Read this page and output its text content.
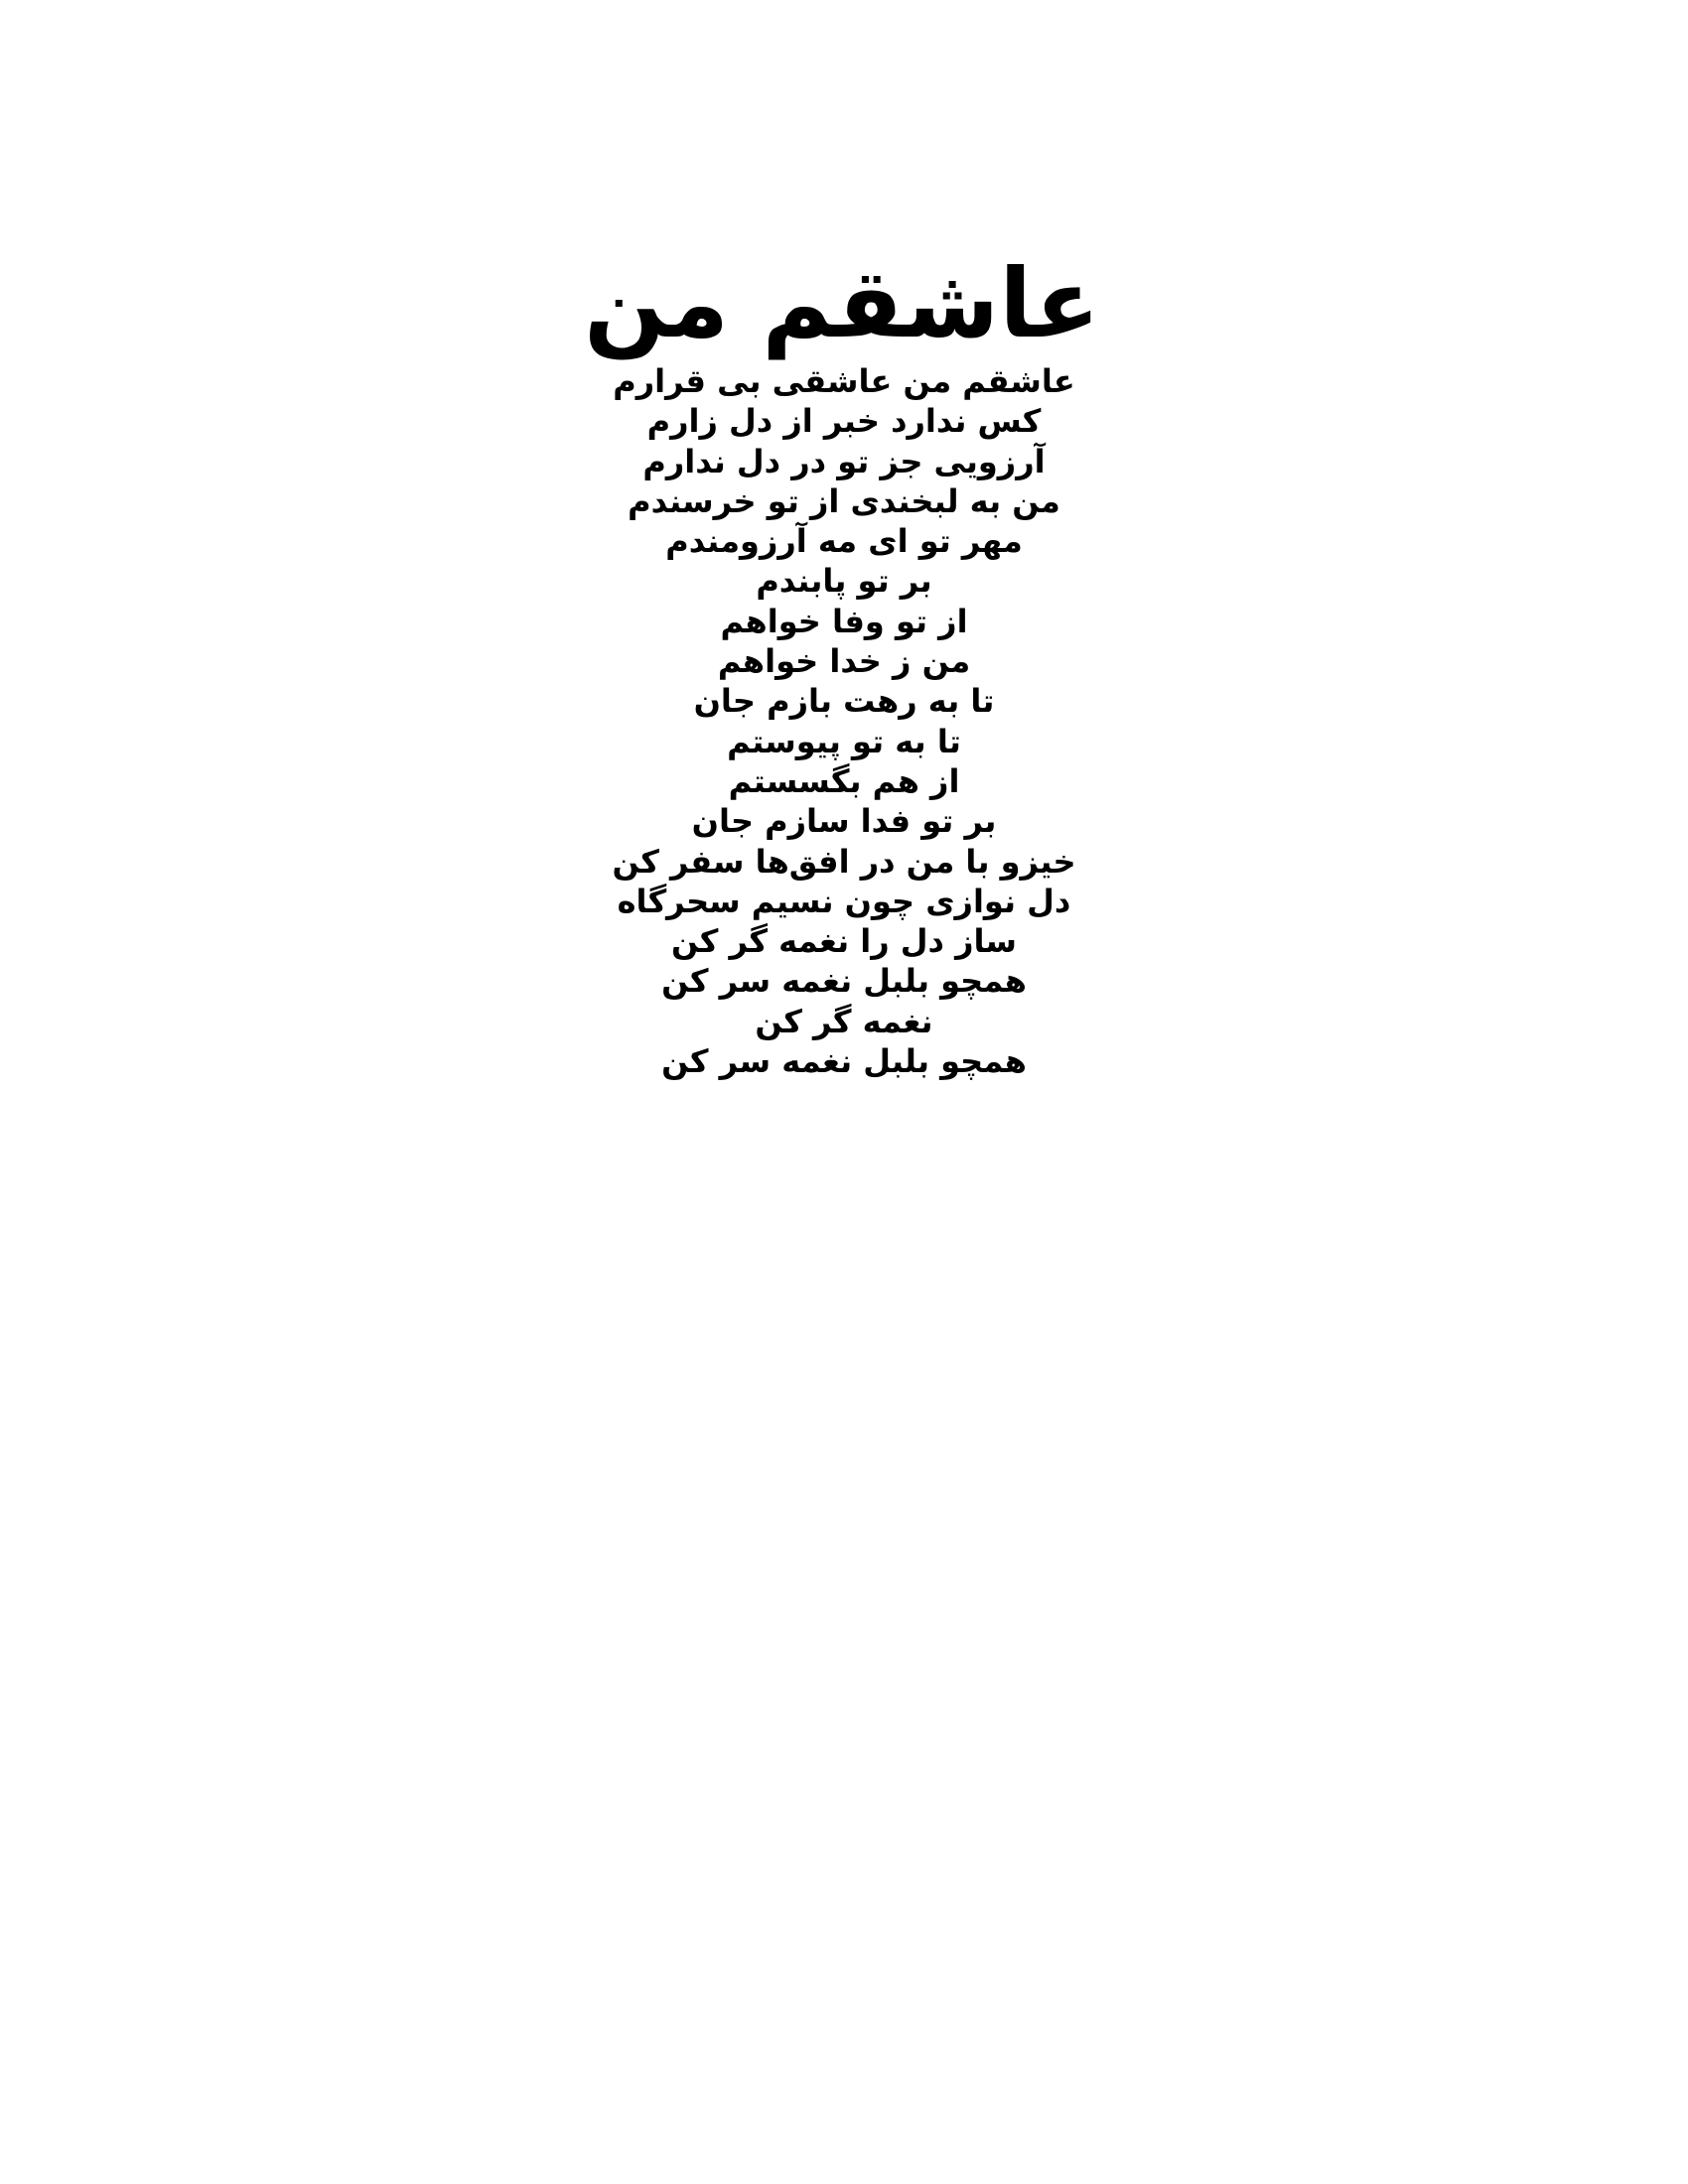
عاشقم من
عاشقم من عاشقی بی قرارم
کس ندارد خبر از دل زارم
آرزویی جز تو در دل ندارم
من به لبخندی از تو خرسندم
مهر تو ای مه آرزومندم
بر تو پابندم
از تو وفا خواهم
من ز خدا خواهم
تا به رهت بازم جان
تا به تو پیوستم
از هم بگسستم
بر تو فدا سازم جان
خیزو با من در افق‌ها سفر کن
دل نوازی چون نسیم سحرگاه
ساز دل را نغمه گر کن
همچو بلبل نغمه سر کن
نغمه گر کن
همچو بلبل نغمه سر کن
